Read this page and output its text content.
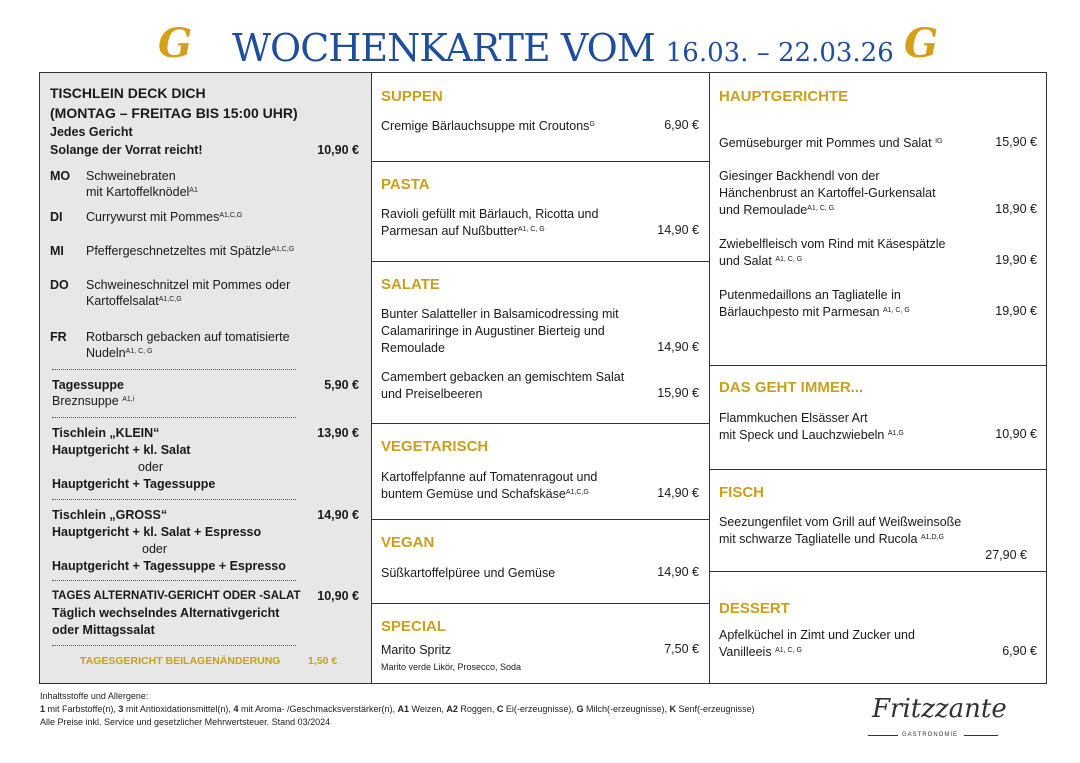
G WOCHENKARTE VOM 16.03. – 22.03.26 G
TISCHLEIN DECK DICH
(MONTAG – FREITAG BIS 15:00 UHR)
Jedes Gericht
Solange der Vorrat reicht!	10,90 €
MO Schweinebraten
mit Kartoffelknödel$^{A1}$
DI Currywurst mit Pommes$^{A1,C,G}$
MI Pfeffergeschnetzeltes mit Spätzle$^{A1,C,G}$
DO Schweineschnitzel mit Pommes oder
Kartoffelsalat$^{A1,C,G}$
FR Rotbarsch gebacken auf tomatisierte
Nudeln$^{A1, C, G}$
Tagessuppe	5,90 €
Breznsuppe $^{A1,i}$
Tischlein „KLEIN“	13,90 €
Hauptgericht + kl. Salat
oder
Hauptgericht + Tagessuppe
Tischlein „GROSS“	14,90 €
Hauptgericht + kl. Salat + Espresso
oder
Hauptgericht + Tagessuppe + Espresso
TAGES ALTERNATIV-GERICHT ODER -SALAT 10,90 €
Täglich wechselndes Alternativgericht
oder Mittagssalat
TAGESGERICHT BEILAGENÄNDERUNG	1,50 €
SUPPEN
Cremige Bärlauchsuppe mit Croutons$^G$	6,90 €
PASTA
Ravioli gefüllt mit Bärlauch, Ricotta und
Parmesan auf Nußbutter$^{A1, C, G}$	14,90 €
SALATE
Bunter Salatteller in Balsamicodressing mit
Calamariringe in Augustiner Bierteig und
Remoulade	14,90 €
Camembert gebacken an gemischtem Salat
und Preiselbeeren	15,90 €
VEGETARISCH
Kartoffelpfanne auf Tomatenragout und
buntem Gemüse und Schafskäse$^{A1,C,G}$	14,90 €
VEGAN
Süßkartoffelpüree und Gemüse	14,90 €
SPECIAL
Marito Spritz	7,50 €
Marito verde Likör, Prosecco, Soda
HAUPTGERICHTE
Gemüseburger mit Pommes und Salat $^{IG}$	15,90 €
Giesinger Backhendl von der
Hänchenbrust an Kartoffel-Gurkensalat
und Remoulade$^{A1, C, G}$	18,90 €
Zwiebelfleisch vom Rind mit Käsespätzle
und Salat $^{A1, C, G}$	19,90 €
Putenmedaillons an Tagliatelle in
Bärlauchpesto mit Parmesan $^{A1, C, G}$	19,90 €
DAS GEHT IMMER...
Flammkuchen Elsässer Art
mit Speck und Lauchzwiebeln $^{A1,G}$	10,90 €
FISCH
Seezungenfilet vom Grill auf Weißweinsoße
mit schwarze Tagliatelle und Rucola $^{A1,D,G}$
27,90 €
DESSERT
Apfelküchel in Zimt und Zucker und
Vanilleeis $^{A1, C, G}$	6,90 €
Inhaltsstoffe und Allergene:
1 mit Farbstoffe(n), 3 mit Antioxidationsmittel(n), 4 mit Aroma- /Geschmacksverstärker(n), A1 Weizen, A2 Roggen, C Ei(-erzeugnisse), G Milch(-erzeugnisse), K Senf(-erzeugnisse)
Alle Preise inkl. Service und gesetzlicher Mehrwertsteuer. Stand 03/2024	Fritzzante
GASTRONOMIE
